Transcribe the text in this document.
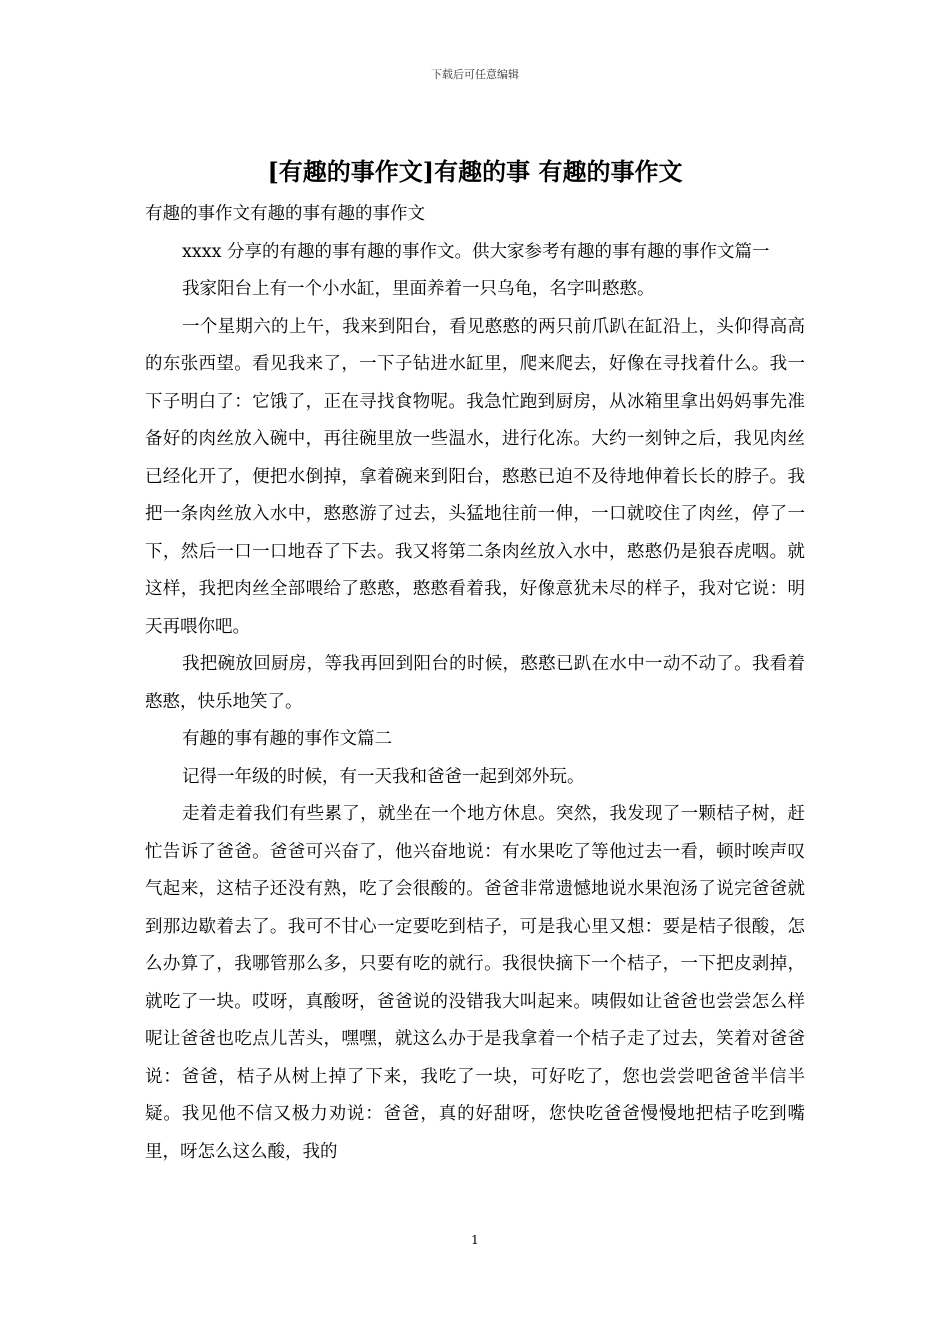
下载后可任意编辑
[有趣的事作文]有趣的事 有趣的事作文

有趣的事作文有趣的事有趣的事作文

xxxx 分享的有趣的事有趣的事作文。供大家参考有趣的事有趣的事作文篇一

我家阳台上有一个小水缸，里面养着一只乌龟，名字叫憨憨。

一个星期六的上午，我来到阳台，看见憨憨的两只前爪趴在缸沿上，头仰得高高的东张西望。看见我来了，一下子钻进水缸里，爬来爬去，好像在寻找着什么。我一下子明白了：它饿了，正在寻找食物呢。我急忙跑到厨房，从冰箱里拿出妈妈事先准备好的肉丝放入碗中，再往碗里放一些温水，进行化冻。大约一刻钟之后，我见肉丝已经化开了，便把水倒掉，拿着碗来到阳台，憨憨已迫不及待地伸着长长的脖子。我把一条肉丝放入水中，憨憨游了过去，头猛地往前一伸，一口就咬住了肉丝，停了一下，然后一口一口地吞了下去。我又将第二条肉丝放入水中，憨憨仍是狼吞虎咽。就这样，我把肉丝全部喂给了憨憨，憨憨看着我，好像意犹未尽的样子，我对它说：明天再喂你吧。

我把碗放回厨房，等我再回到阳台的时候，憨憨已趴在水中一动不动了。我看着憨憨，快乐地笑了。

有趣的事有趣的事作文篇二

记得一年级的时候，有一天我和爸爸一起到郊外玩。

走着走着我们有些累了，就坐在一个地方休息。突然，我发现了一颗桔子树，赶忙告诉了爸爸。爸爸可兴奋了，他兴奋地说：有水果吃了等他过去一看，顿时唉声叹气起来，这桔子还没有熟，吃了会很酸的。爸爸非常遗憾地说水果泡汤了说完爸爸就到那边歇着去了。我可不甘心一定要吃到桔子，可是我心里又想：要是桔子很酸，怎么办算了，我哪管那么多，只要有吃的就行。我很快摘下一个桔子，一下把皮剥掉，就吃了一块。哎呀，真酸呀，爸爸说的没错我大叫起来。咦假如让爸爸也尝尝怎么样呢让爸爸也吃点儿苦头，嘿嘿，就这么办于是我拿着一个桔子走了过去，笑着对爸爸说：爸爸，桔子从树上掉了下来，我吃了一块，可好吃了，您也尝尝吧爸爸半信半疑。我见他不信又极力劝说：爸爸，真的好甜呀，您快吃爸爸慢慢地把桔子吃到嘴里，呀怎么这么酸，我的

1
